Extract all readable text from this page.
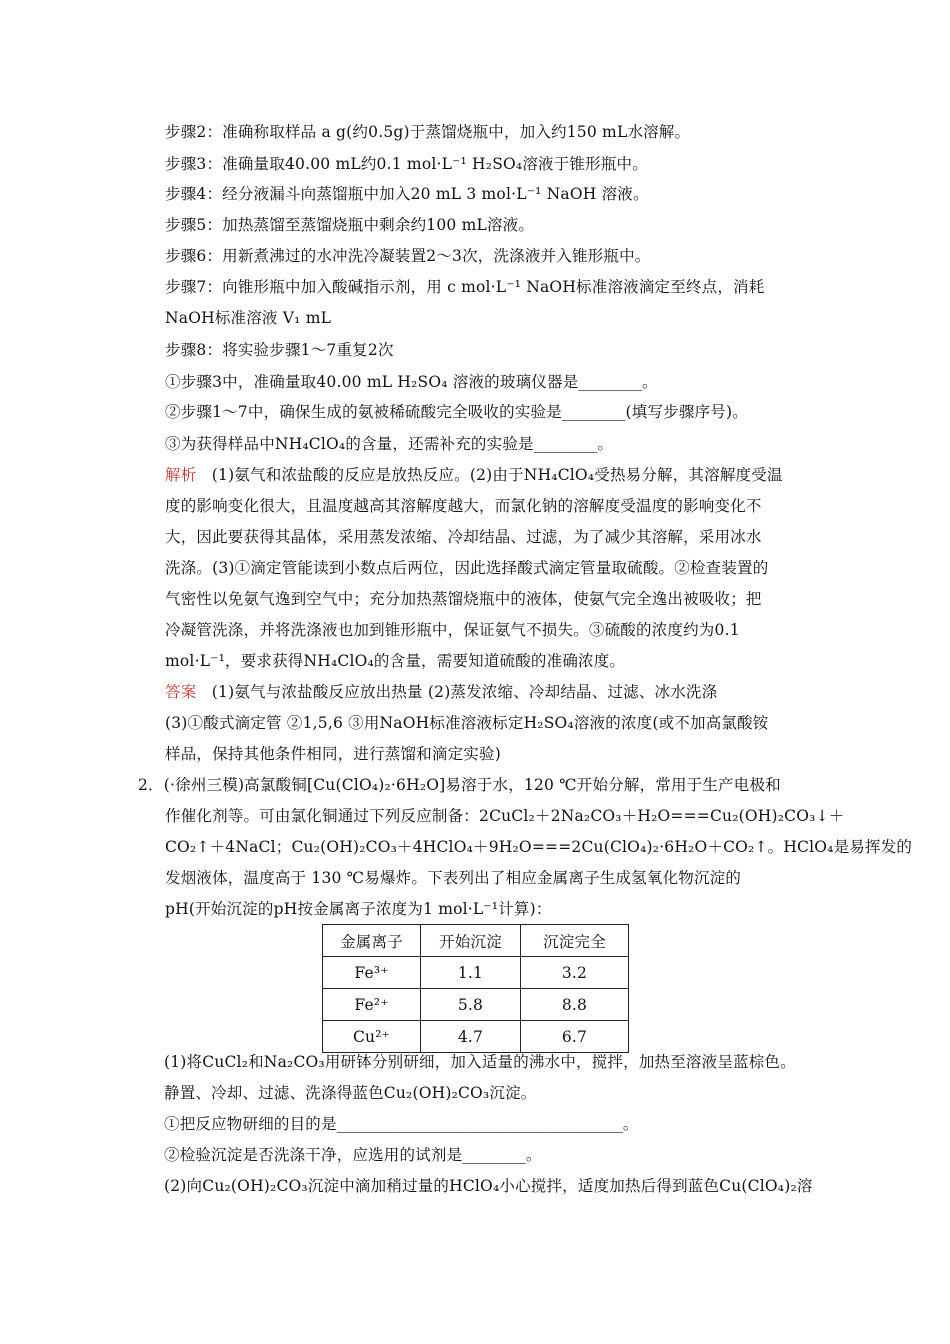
步骤2：准确称取样品 a g(约0.5g)于蒸馏烧瓶中，加入约150 mL水溶解。
步骤3：准确量取40.00 mL约0.1 mol·L⁻¹ H₂SO₄溶液于锥形瓶中。
步骤4：经分液漏斗向蒸馏瓶中加入20 mL 3 mol·L⁻¹ NaOH 溶液。
步骤5：加热蒸馏至蒸馏烧瓶中剩余约100 mL溶液。
步骤6：用新煮沸过的水冲洗冷凝装置2～3次，洗涤液并入锥形瓶中。
步骤7：向锥形瓶中加入酸碱指示剂，用 c mol·L⁻¹ NaOH标准溶液滴定至终点，消耗
NaOH标准溶液 V₁ mL
步骤8：将实验步骤1～7重复2次
①步骤3中，准确量取40.00 mL H₂SO₄ 溶液的玻璃仪器是________。
②步骤1～7中，确保生成的氨被稀硫酸完全吸收的实验是________(填写步骤序号)。
③为获得样品中NH₄ClO₄的含量，还需补充的实验是________。
解析 (1)氨气和浓盐酸的反应是放热反应。(2)由于NH₄ClO₄受热易分解，其溶解度受温
度的影响变化很大，且温度越高其溶解度越大，而氯化钠的溶解度受温度的影响变化不
大，因此要获得其晶体，采用蒸发浓缩、冷却结晶、过滤，为了减少其溶解，采用冰水
洗涤。(3)①滴定管能读到小数点后两位，因此选择酸式滴定管量取硫酸。②检查装置的
气密性以免氨气逸到空气中；充分加热蒸馏烧瓶中的液体，使氨气完全逸出被吸收；把
冷凝管洗涤，并将洗涤液也加到锥形瓶中，保证氨气不损失。③硫酸的浓度约为0.1
mol·L⁻¹，要求获得NH₄ClO₄的含量，需要知道硫酸的准确浓度。
答案 (1)氨气与浓盐酸反应放出热量 (2)蒸发浓缩、冷却结晶、过滤、冰水洗涤
(3)①酸式滴定管 ②1,5,6 ③用NaOH标准溶液标定H₂SO₄溶液的浓度(或不加高氯酸铵
样品，保持其他条件相同，进行蒸馏和滴定实验)
2．(·徐州三模)高氯酸铜[Cu(ClO₄)₂·6H₂O]易溶于水，120 ℃开始分解，常用于生产电极和
作催化剂等。可由氯化铜通过下列反应制备：2CuCl₂＋2Na₂CO₃＋H₂O===Cu₂(OH)₂CO₃↓＋
CO₂↑＋4NaCl；Cu₂(OH)₂CO₃＋4HClO₄＋9H₂O===2Cu(ClO₄)₂·6H₂O＋CO₂↑。HClO₄是易挥发的
发烟液体，温度高于 130 ℃易爆炸。下表列出了相应金属离子生成氢氧化物沉淀的
pH(开始沉淀的pH按金属离子浓度为1 mol·L⁻¹计算)：
金属离子	开始沉淀	沉淀完全
Fe³⁺	1.1	3.2
Fe²⁺	5.8	8.8
Cu²⁺	4.7	6.7
(1)将CuCl₂和Na₂CO₃用研钵分别研细，加入适量的沸水中，搅拌，加热至溶液呈蓝棕色。
静置、冷却、过滤、洗涤得蓝色Cu₂(OH)₂CO₃沉淀。
①把反应物研细的目的是____________________________________。
②检验沉淀是否洗涤干净，应选用的试剂是________。
(2)向Cu₂(OH)₂CO₃沉淀中滴加稍过量的HClO₄小心搅拌，适度加热后得到蓝色Cu(ClO₄)₂溶
